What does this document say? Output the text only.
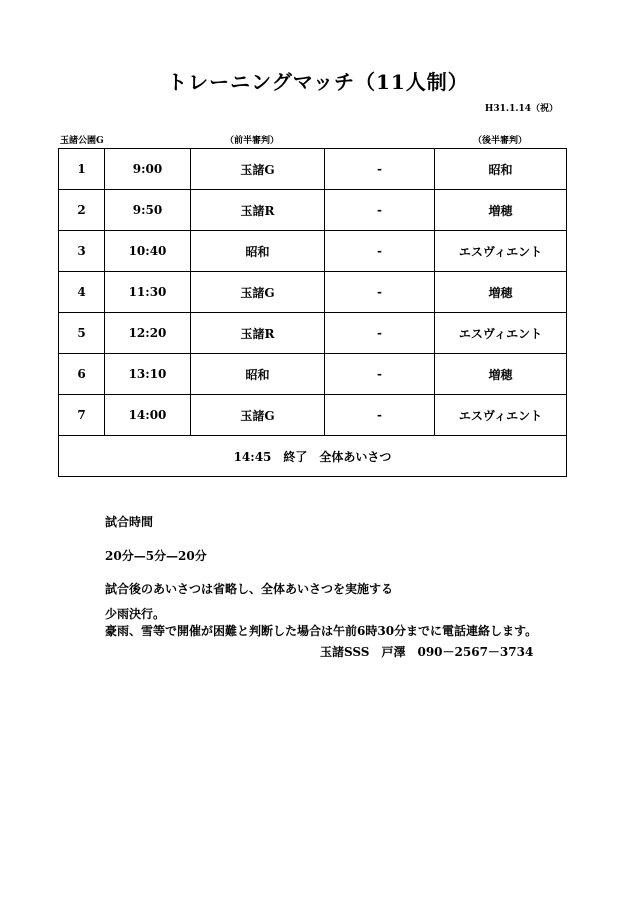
トレーニングマッチ（11人制）
H31.1.14（祝）
玉諸公園G	（前半審判）	（後半審判）
1	9:00	玉諸G	-	昭和
2	9:50	玉諸R	-	増穂
3	10:40	昭和	-	エスヴィエント
4	11:30	玉諸G	-	増穂
5	12:20	玉諸R	-	エスヴィエント
6	13:10	昭和	-	増穂
7	14:00	玉諸G	-	エスヴィエント
14:45　終了　全体あいさつ				
試合時間
20分—5分—20分
試合後のあいさつは省略し、全体あいさつを実施する
少雨決行。
豪雨、雪等で開催が困難と判断した場合は午前6時30分までに電話連絡します。
玉諸SSS　戸澤　090－2567－3734
